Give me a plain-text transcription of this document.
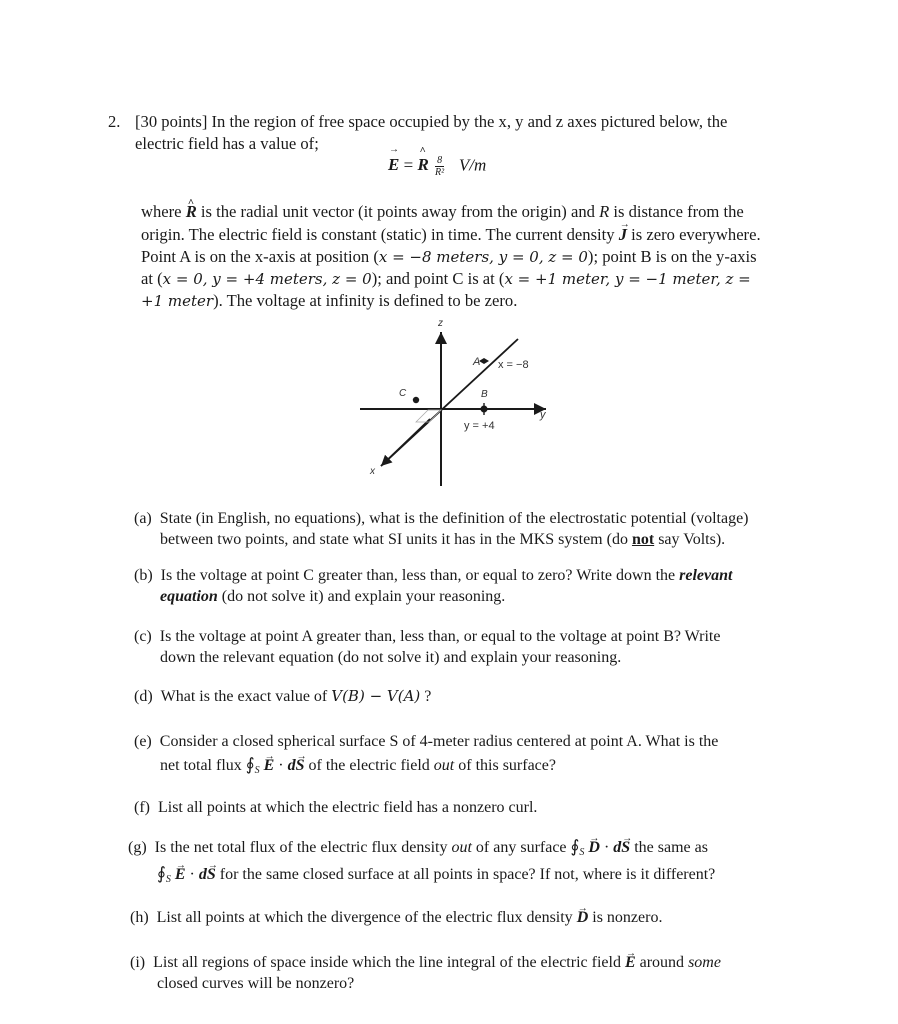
2. [30 points] In the region of free space occupied by the x, y and z axes pictured below, the
electric field has a value of;
E → = R ^ $\frac{8}{\text{R²}} V/m$
where R ^ is the radial unit vector (it points away from the origin) and R is distance from the
origin. The electric field is constant (static) in time. The current density J → is zero everywhere.
Point A is on the x-axis at position (x = −8 meters, y = 0, z = 0); point B is on the y-axis
at (x = 0, y = +4 meters, z = 0); and point C is at (x = +1 meter, y = −1 meter, z =
+1 meter). The voltage at infinity is defined to be zero.
z
y
x
A x = −8
B
y = +4
C
(a) State (in English, no equations), what is the definition of the electrostatic potential (voltage)
between two points, and state what SI units it has in the MKS system (do not say Volts).
(b) Is the voltage at point C greater than, less than, or equal to zero? Write down the relevant
equation (do not solve it) and explain your reasoning.
(c) Is the voltage at point A greater than, less than, or equal to the voltage at point B? Write
down the relevant equation (do not solve it) and explain your reasoning.
(d) What is the exact value of V(B) − V(A) ?
(e) Consider a closed spherical surface S of 4-meter radius centered at point A. What is the
net total flux $∮_S$ E → · dS → of the electric field out of this surface?
(f) List all points at which the electric field has a nonzero curl.
(g) Is the net total flux of the electric flux density out of any surface $∮_S$ D → · dS → the same as
$∮_S$ E → · dS → for the same closed surface at all points in space? If not, where is it different?
(h) List all points at which the divergence of the electric flux density D → is nonzero.
(i) List all regions of space inside which the line integral of the electric field E → around some
closed curves will be nonzero?
